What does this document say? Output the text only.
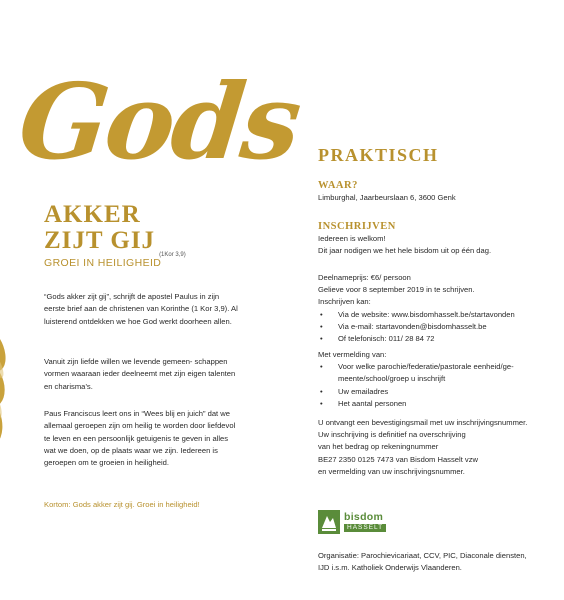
Gods
AKKER
ZIJT GIJ$^{(1Kor 3,9)}$
GROEI IN HEILIGHEID
“Gods akker zijt gij”, schrijft de apostel Paulus in zijn eerste brief aan de christenen van Korinthe (1 Kor 3,9). Al luisterend ontdekken we hoe God werkt doorheen allen.
Vanuit zijn liefde willen we levende gemeen- schappen vormen waaraan ieder deelneemt met zijn eigen talenten en charisma’s.
Paus Franciscus leert ons in “Wees blij en juich” dat we allemaal geroepen zijn om heilig te worden door liefdevol te leven en een persoonlijk getuigenis te geven in alles wat we doen, op de plaats waar we zijn. Iedereen is geroepen om te groeien in heiligheid.
Kortom: Gods akker zijt gij. Groei in heiligheid!
PRAKTISCH
WAAR?
Limburghal, Jaarbeurslaan 6, 3600 Genk
INSCHRIJVEN
Iedereen is welkom!
Dit jaar nodigen we het hele bisdom uit op één dag.
Deelnameprijs: €6/ persoon
Gelieve voor 8 september 2019 in te schrijven.
Inschrijven kan:
• Via de website: www.bisdomhasselt.be/startavonden
• Via e-mail: startavonden@bisdomhasselt.be
• Of telefonisch: 011/ 28 84 72
Met vermelding van:
• Voor welke parochie/federatie/pastorale eenheid/ge- meente/school/groep u inschrijft
• Uw emailadres
• Het aantal personen
U ontvangt een bevestigingsmail met uw inschrijvingsnummer.
Uw inschrijving is definitief na overschrijving
van het bedrag op rekeningnummer
BE27 2350 0125 7473 van Bisdom Hasselt vzw
en vermelding van uw inschrijvingsnummer.
bisdom
HASSELT
Organisatie: Parochievicariaat, CCV, PIC, Diaconale diensten,
IJD i.s.m. Katholiek Onderwijs Vlaanderen.
